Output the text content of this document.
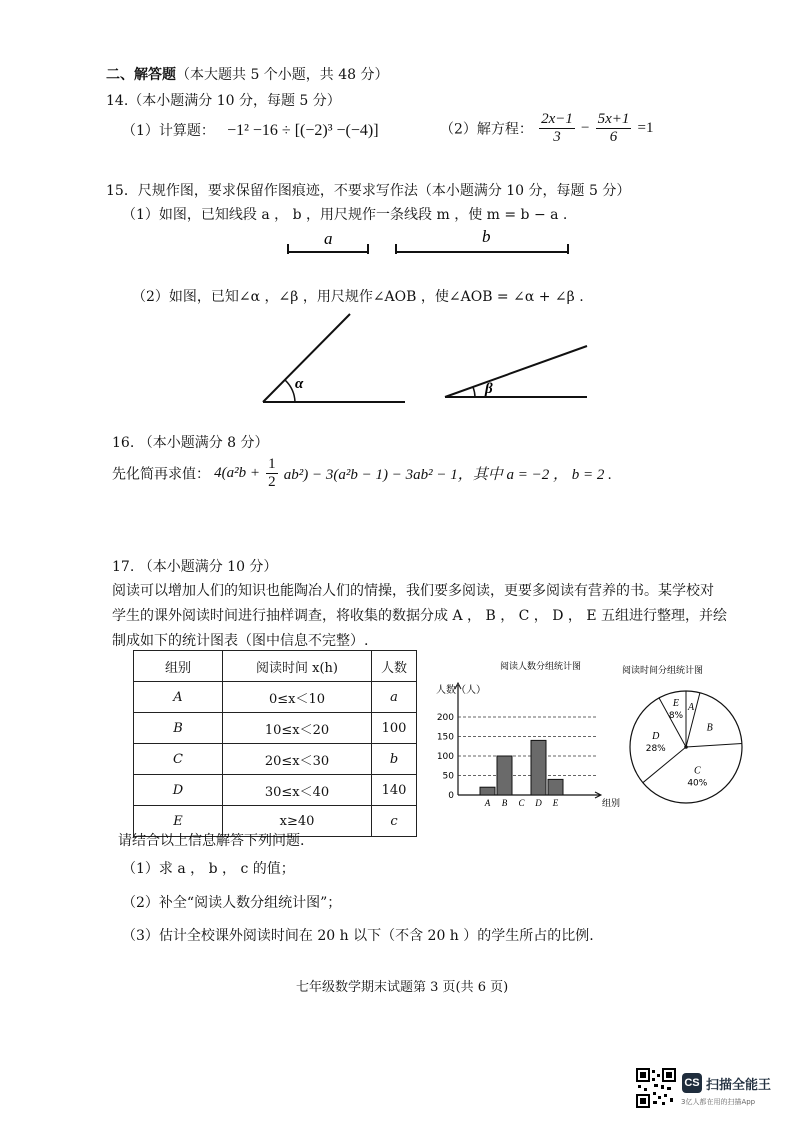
二、解答题（本大题共 5 个小题，共 48 分）
14.（本小题满分 10 分，每题 5 分）
（1）计算题： −1² −16 ÷ [(−2)³ −(−4)]	（2）解方程： $\frac{2x-1}{3} - \frac{5x+1}{6} =1$
15．尺规作图，要求保留作图痕迹，不要求写作法（本小题满分 10 分，每题 5 分）
（1）如图，已知线段 a ， b ，用尺规作一条线段 m ，使 m = b − a .
a	b
（2）如图，已知∠α ，∠β ，用尺规作∠AOB ，使∠AOB = ∠α + ∠β .
α	β
16. （本小题满分 8 分）
先化简再求值： $4(a^2b + \frac{1}{2} ab^2) - 3(a^2b - 1) - 3ab^2 - 1$，其中 a = −2 ， b = 2 .
17. （本小题满分 10 分）
阅读可以增加人们的知识也能陶冶人们的情操，我们要多阅读，更要多阅读有营养的书。某学校对
学生的课外阅读时间进行抽样调查，将收集的数据分成 A ， B ， C ， D ， E 五组进行整理，并绘
制成如下的统计图表（图中信息不完整）.
组别	阅读时间 x(h)	人数
A	0≤x＜10	a
B	10≤x＜20	100
C	20≤x＜30	b
D	30≤x＜40	140
E	x≥40	c
阅读人数分组统计图
人数（人）
0
50
100
150
200
A B C D E	组别
阅读时间分组统计图
A
B
C
40%
D
28%
E
8%
请结合以上信息解答下列问题.
（1）求 a ， b ， c 的值；
（2）补全“阅读人数分组统计图”；
（3）估计全校课外阅读时间在 20 h 以下（不含 20 h ）的学生所占的比例.
七年级数学期末试题第 3 页(共 6 页)
CS 扫描全能王
3亿人都在用的扫描App
